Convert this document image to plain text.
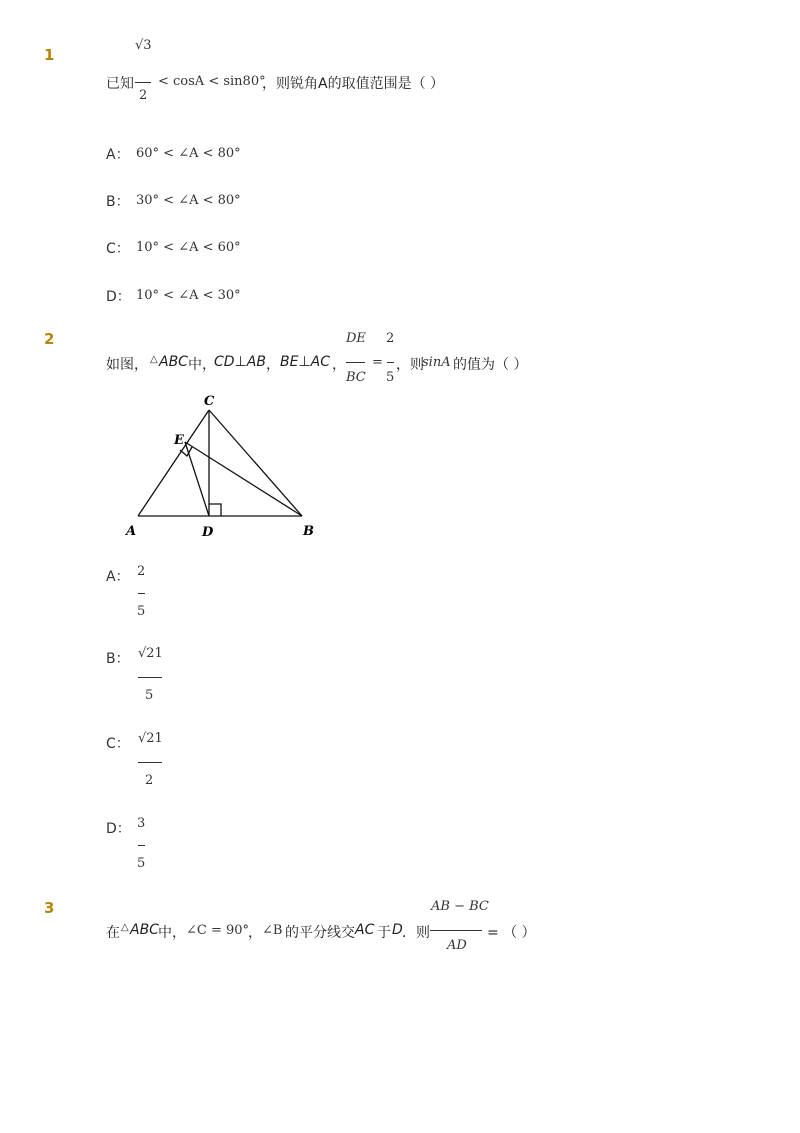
1
√3
2
已知 < cosA < sin80°
，则锐角A的取值范围是（ ）
A： 60° < ∠A < 80°
B： 30° < ∠A < 80°
C： 10° < ∠A < 60°
D： 10° < ∠A < 30°
2
如图， △ ABC 中，
CD⊥AB ， BE⊥AC ，
DE
BC
=
2
5
，则
sinA 的值为（ ）
C
E
A	D	B
A： 2
5
B： √21
5
C： √21
2
D： 3
5
3
在 △ ABC 中， ∠C = 90°
， ∠B 的平分线交 AC 于 D ．则
AB − BC
AD
= （ ）
